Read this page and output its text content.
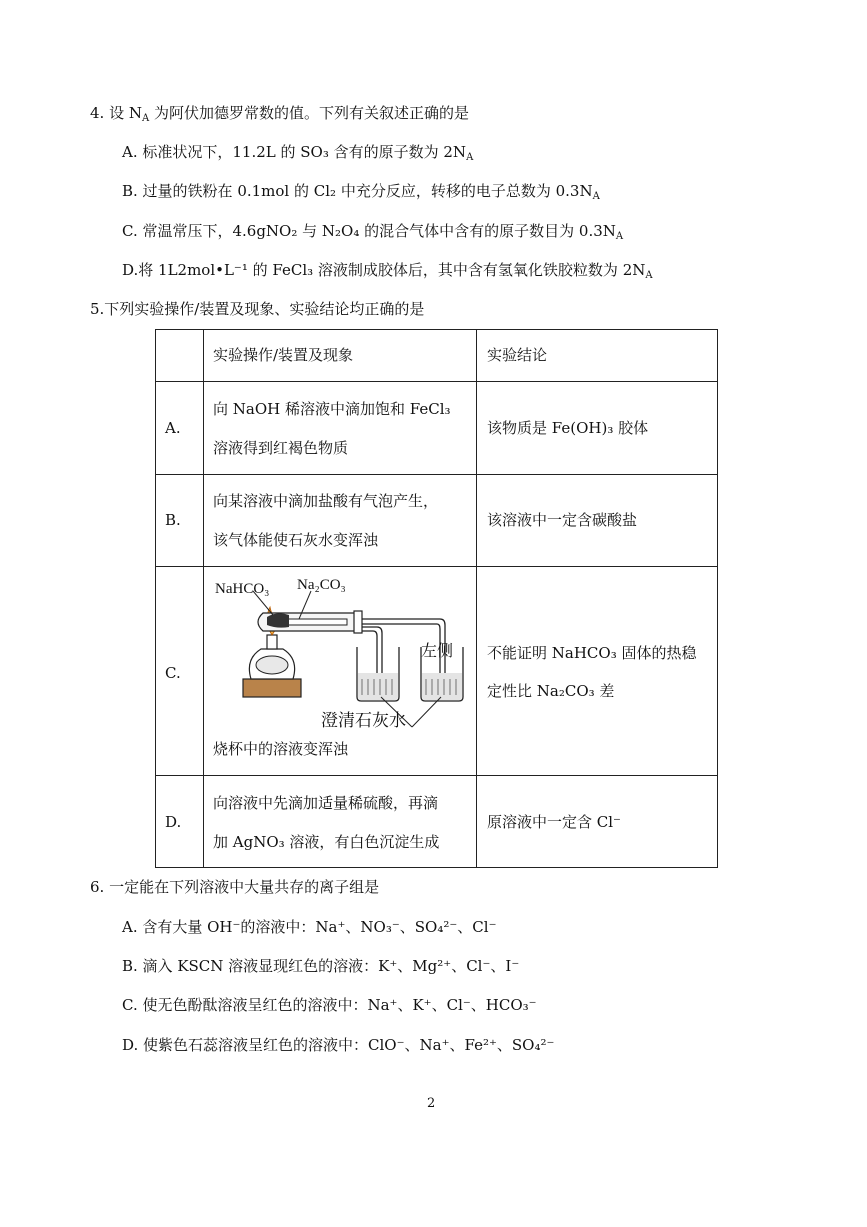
4. 设 $N_A$ 为阿伏加德罗常数的值。下列有关叙述正确的是
A. 标准状况下，11.2L 的 SO₃ 含有的原子数为 $2N_A$
B. 过量的铁粉在 0.1mol 的 Cl₂ 中充分反应，转移的电子总数为 $0.3N_A$
C. 常温常压下，4.6gNO₂ 与 N₂O₄ 的混合气体中含有的原子数目为 $0.3N_A$
D.将 1L2mol•L⁻¹ 的 FeCl₃ 溶液制成胶体后，其中含有氢氧化铁胶粒数为 $2N_A$
5.下列实验操作/装置及现象、实验结论均正确的是
实验操作/装置及现象	实验结论
A.
向 NaOH 稀溶液中滴加饱和 FeCl₃
溶液得到红褐色物质
该物质是 Fe(OH)₃ 胶体
B.
向某溶液中滴加盐酸有气泡产生，
该气体能使石灰水变浑浊
该溶液中一定含碳酸盐
C.
NaHCO₃ Na₂CO₃
左侧
澄清石灰水
烧杯中的溶液变浑浊
不能证明 NaHCO₃ 固体的热稳
定性比 Na₂CO₃ 差
D.
向溶液中先滴加适量稀硫酸，再滴
加 AgNO₃ 溶液，有白色沉淀生成
原溶液中一定含 Cl⁻
6. 一定能在下列溶液中大量共存的离子组是
A. 含有大量 OH⁻的溶液中：Na⁺、NO₃⁻、SO₄²⁻、Cl⁻
B. 滴入 KSCN 溶液显现红色的溶液：K⁺、Mg²⁺、Cl⁻、I⁻
C. 使无色酚酞溶液呈红色的溶液中：Na⁺、K⁺、Cl⁻、HCO₃⁻
D. 使紫色石蕊溶液呈红色的溶液中：ClO⁻、Na⁺、Fe²⁺、SO₄²⁻
2
